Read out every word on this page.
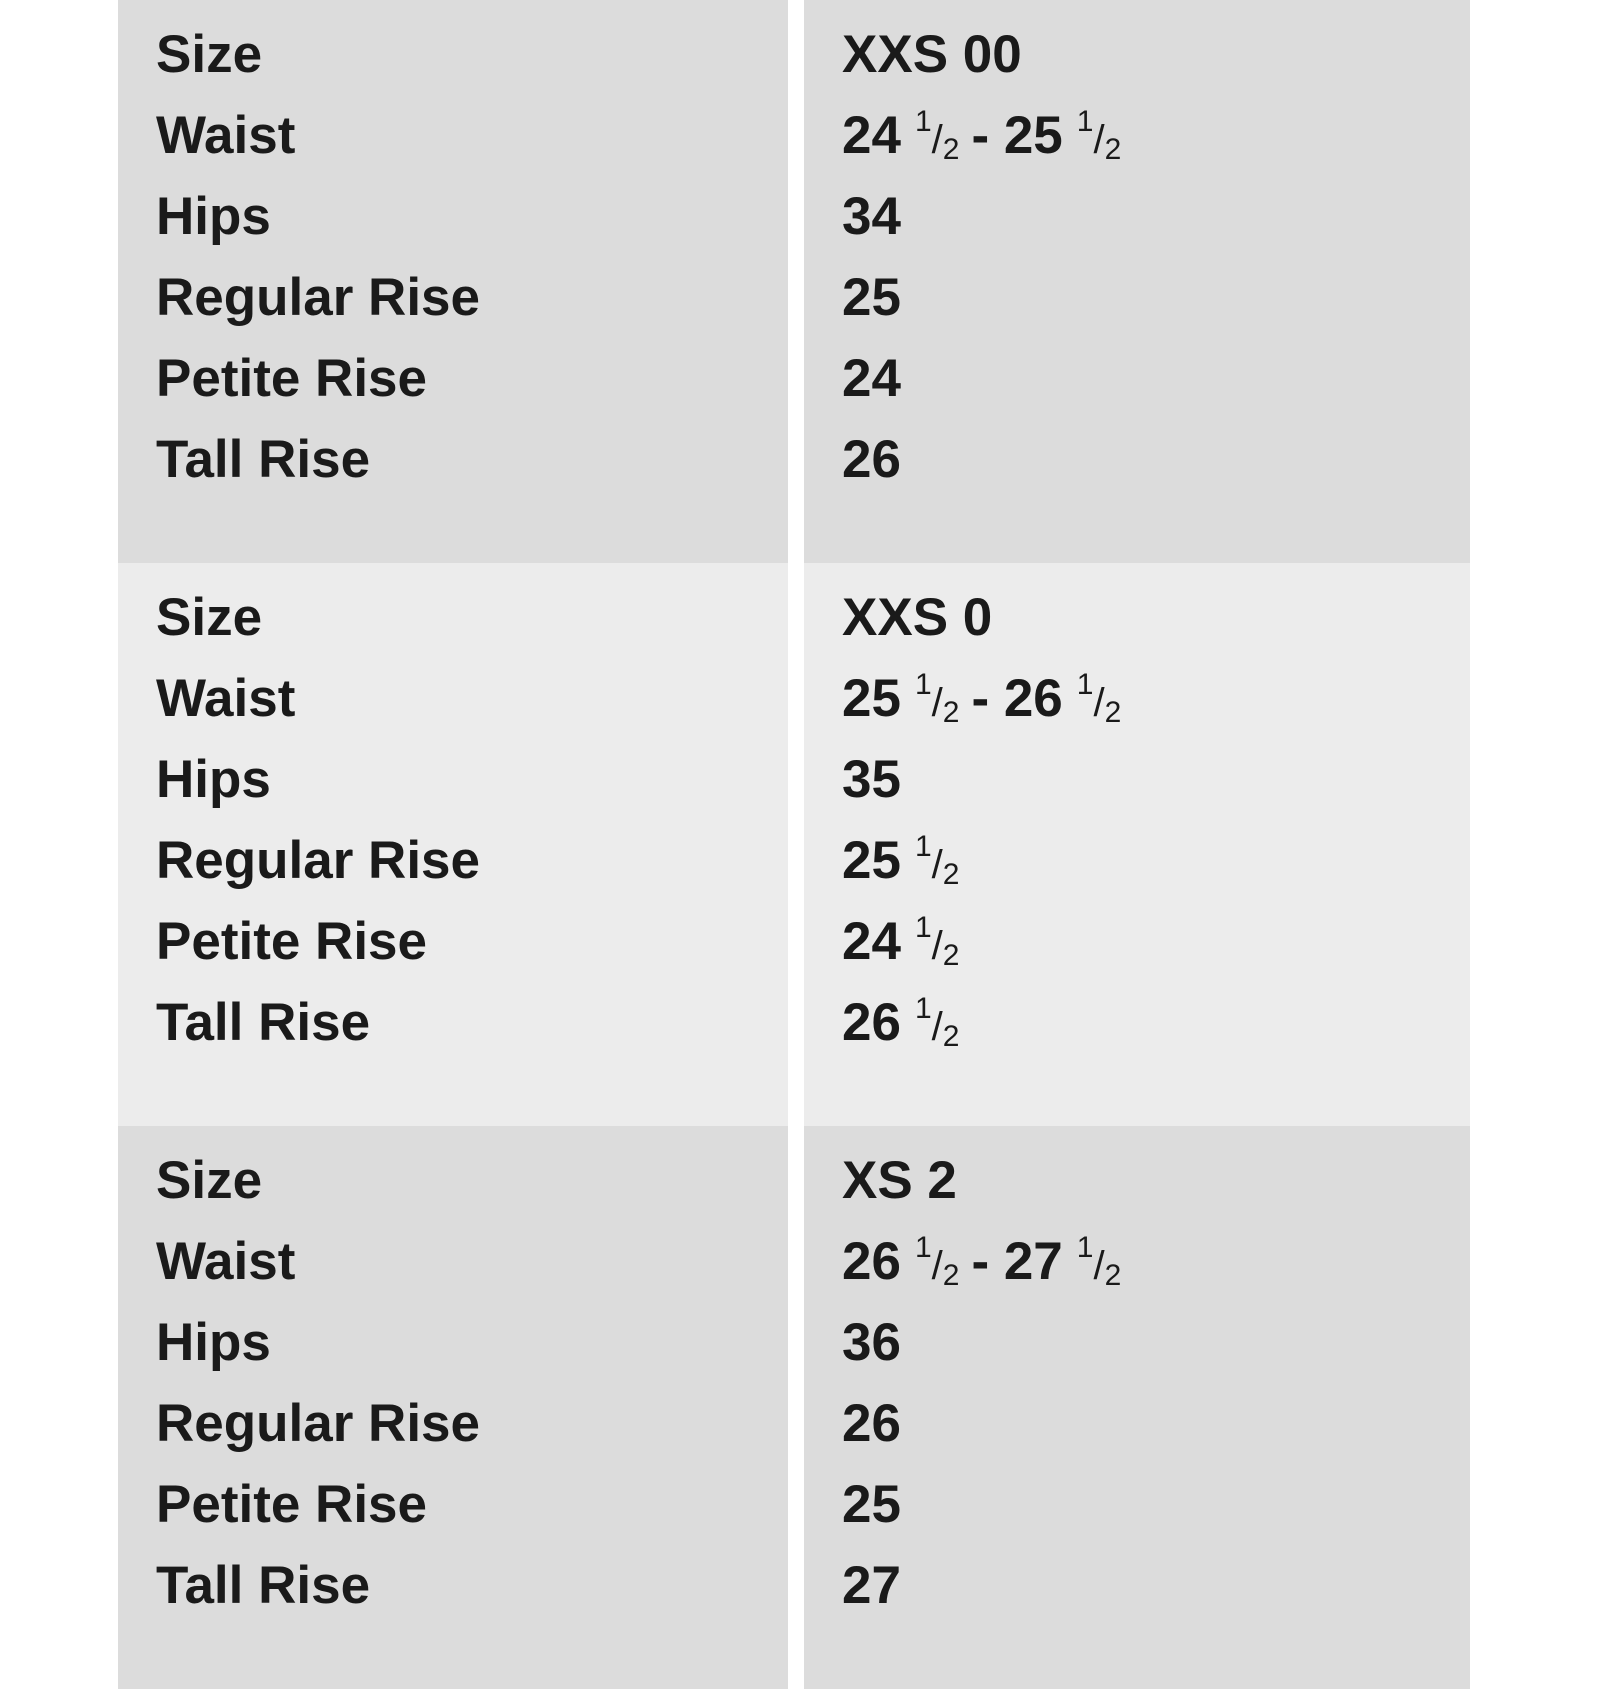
Size
Waist
Hips
Regular Rise
Petite Rise
Tall Rise
XXS 00
24 $^1/_2 - 25$ $^1/_2$
34
25
24
26
Size
Waist
Hips
Regular Rise
Petite Rise
Tall Rise
XXS 0
25 $^1/_2 - 26$ $^1/_2$
35
25 $^1/_2$
24 $^1/_2$
26 $^1/_2$
Size
Waist
Hips
Regular Rise
Petite Rise
Tall Rise
XS 2
26 $^1/_2 - 27$ $^1/_2$
36
26
25
27
